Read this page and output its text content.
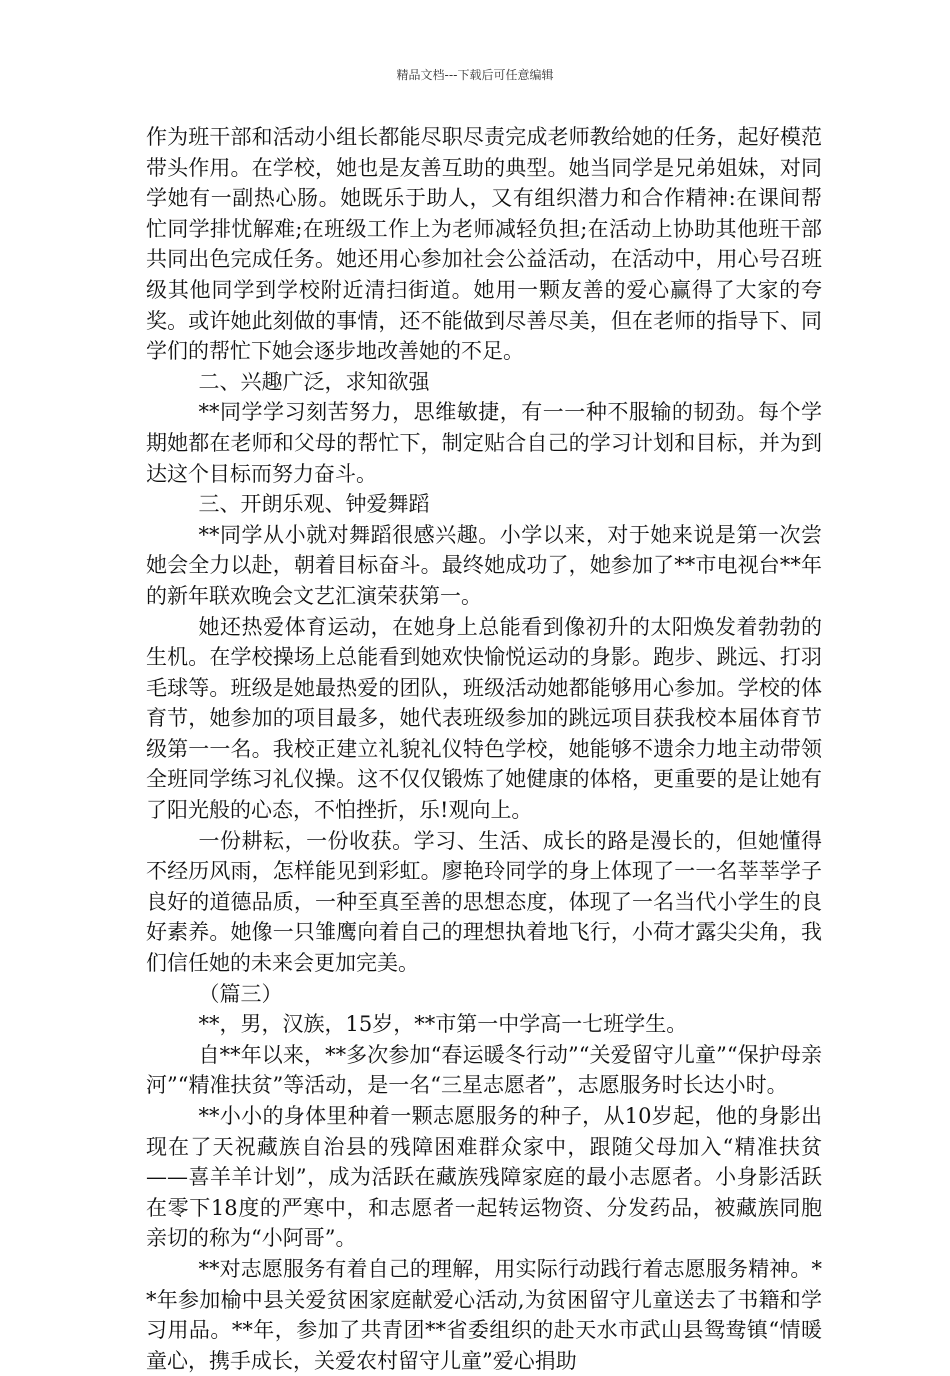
精品文档---下载后可任意编辑

作为班干部和活动小组长都能尽职尽责完成老师教给她的任务，起好模范带头作用。在学校，她也是友善互助的典型。她当同学是兄弟姐妹，对同学她有一副热心肠。她既乐于助人，又有组织潜力和合作精神:在课间帮忙同学排忧解难;在班级工作上为老师减轻负担;在活动上协助其他班干部共同出色完成任务。她还用心参加社会公益活动，在活动中，用心号召班级其他同学到学校附近清扫街道。她用一颗友善的爱心赢得了大家的夸奖。或许她此刻做的事情，还不能做到尽善尽美，但在老师的指导下、同学们的帮忙下她会逐步地改善她的不足。

二、兴趣广泛，求知欲强

**同学学习刻苦努力，思维敏捷，有一一种不服输的韧劲。每个学期她都在老师和父母的帮忙下，制定贴合自己的学习计划和目标，并为到达这个目标而努力奋斗。

三、开朗乐观、钟爱舞蹈

**同学从小就对舞蹈很感兴趣。小学以来，对于她来说是第一次尝她会全力以赴，朝着目标奋斗。最终她成功了，她参加了**市电视台**年的新年联欢晚会文艺汇演荣获第一。

她还热爱体育运动，在她身上总能看到像初升的太阳焕发着勃勃的生机。在学校操场上总能看到她欢快愉悦运动的身影。跑步、跳远、打羽毛球等。班级是她最热爱的团队，班级活动她都能够用心参加。学校的体育节，她参加的项目最多，她代表班级参加的跳远项目获我校本届体育节级第一一名。我校正建立礼貌礼仪特色学校，她能够不遗余力地主动带领全班同学练习礼仪操。这不仅仅锻炼了她健康的体格，更重要的是让她有了阳光般的心态，不怕挫折，乐!观向上。

一份耕耘，一份收获。学习、生活、成长的路是漫长的，但她懂得不经历风雨，怎样能见到彩虹。廖艳玲同学的身上体现了一一名莘莘学子良好的道德品质，一种至真至善的思想态度，体现了一名当代小学生的良好素养。她像一只雏鹰向着自己的理想执着地飞行，小荷才露尖尖角，我们信任她的未来会更加完美。

（篇三）

**，男，汉族，15岁，**市第一中学高一七班学生。

自**年以来，**多次参加“春运暖冬行动”“关爱留守儿童”“保护母亲河”“精准扶贫”等活动，是一名“三星志愿者”，志愿服务时长达小时。

**小小的身体里种着一颗志愿服务的种子，从10岁起，他的身影出现在了天祝藏族自治县的残障困难群众家中，跟随父母加入“精准扶贫——喜羊羊计划”，成为活跃在藏族残障家庭的最小志愿者。小身影活跃在零下18度的严寒中，和志愿者一起转运物资、分发药品，被藏族同胞亲切的称为“小阿哥”。

**对志愿服务有着自己的理解，用实际行动践行着志愿服务精神。**年参加榆中县关爱贫困家庭献爱心活动,为贫困留守儿童送去了书籍和学习用品。**年，参加了共青团**省委组织的赴天水市武山县鸳鸯镇“情暖童心，携手成长，关爱农村留守儿童”爱心捐助
